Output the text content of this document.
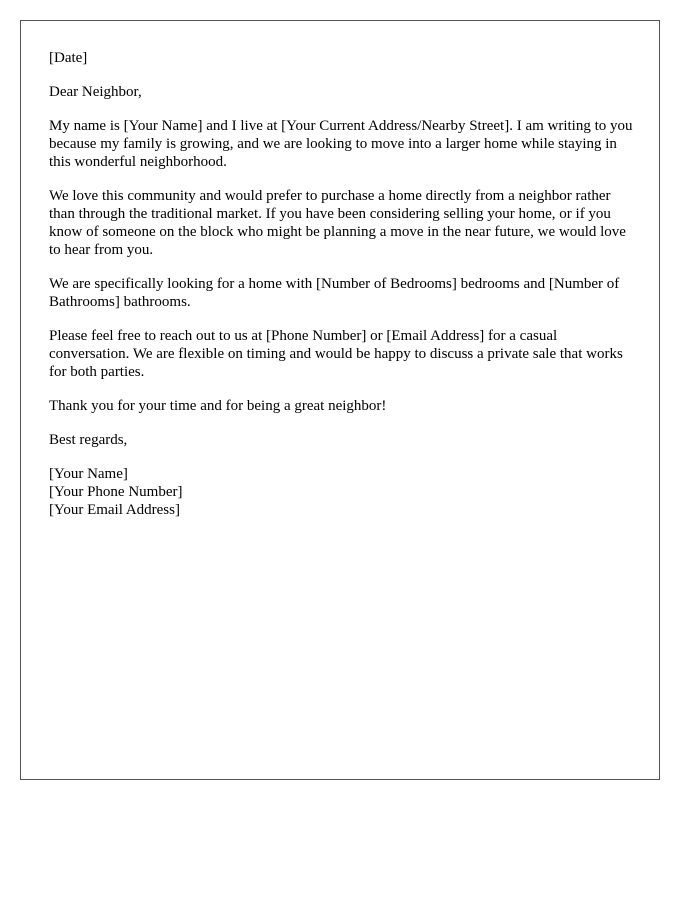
[Date]

Dear Neighbor,

My name is [Your Name] and I live at [Your Current Address/Nearby Street]. I am writing to you because my family is growing, and we are looking to move into a larger home while staying in this wonderful neighborhood.

We love this community and would prefer to purchase a home directly from a neighbor rather than through the traditional market. If you have been considering selling your home, or if you know of someone on the block who might be planning a move in the near future, we would love to hear from you.

We are specifically looking for a home with [Number of Bedrooms] bedrooms and [Number of Bathrooms] bathrooms.

Please feel free to reach out to us at [Phone Number] or [Email Address] for a casual conversation. We are flexible on timing and would be happy to discuss a private sale that works for both parties.

Thank you for your time and for being a great neighbor!

Best regards,

[Your Name]

[Your Phone Number]

[Your Email Address]
